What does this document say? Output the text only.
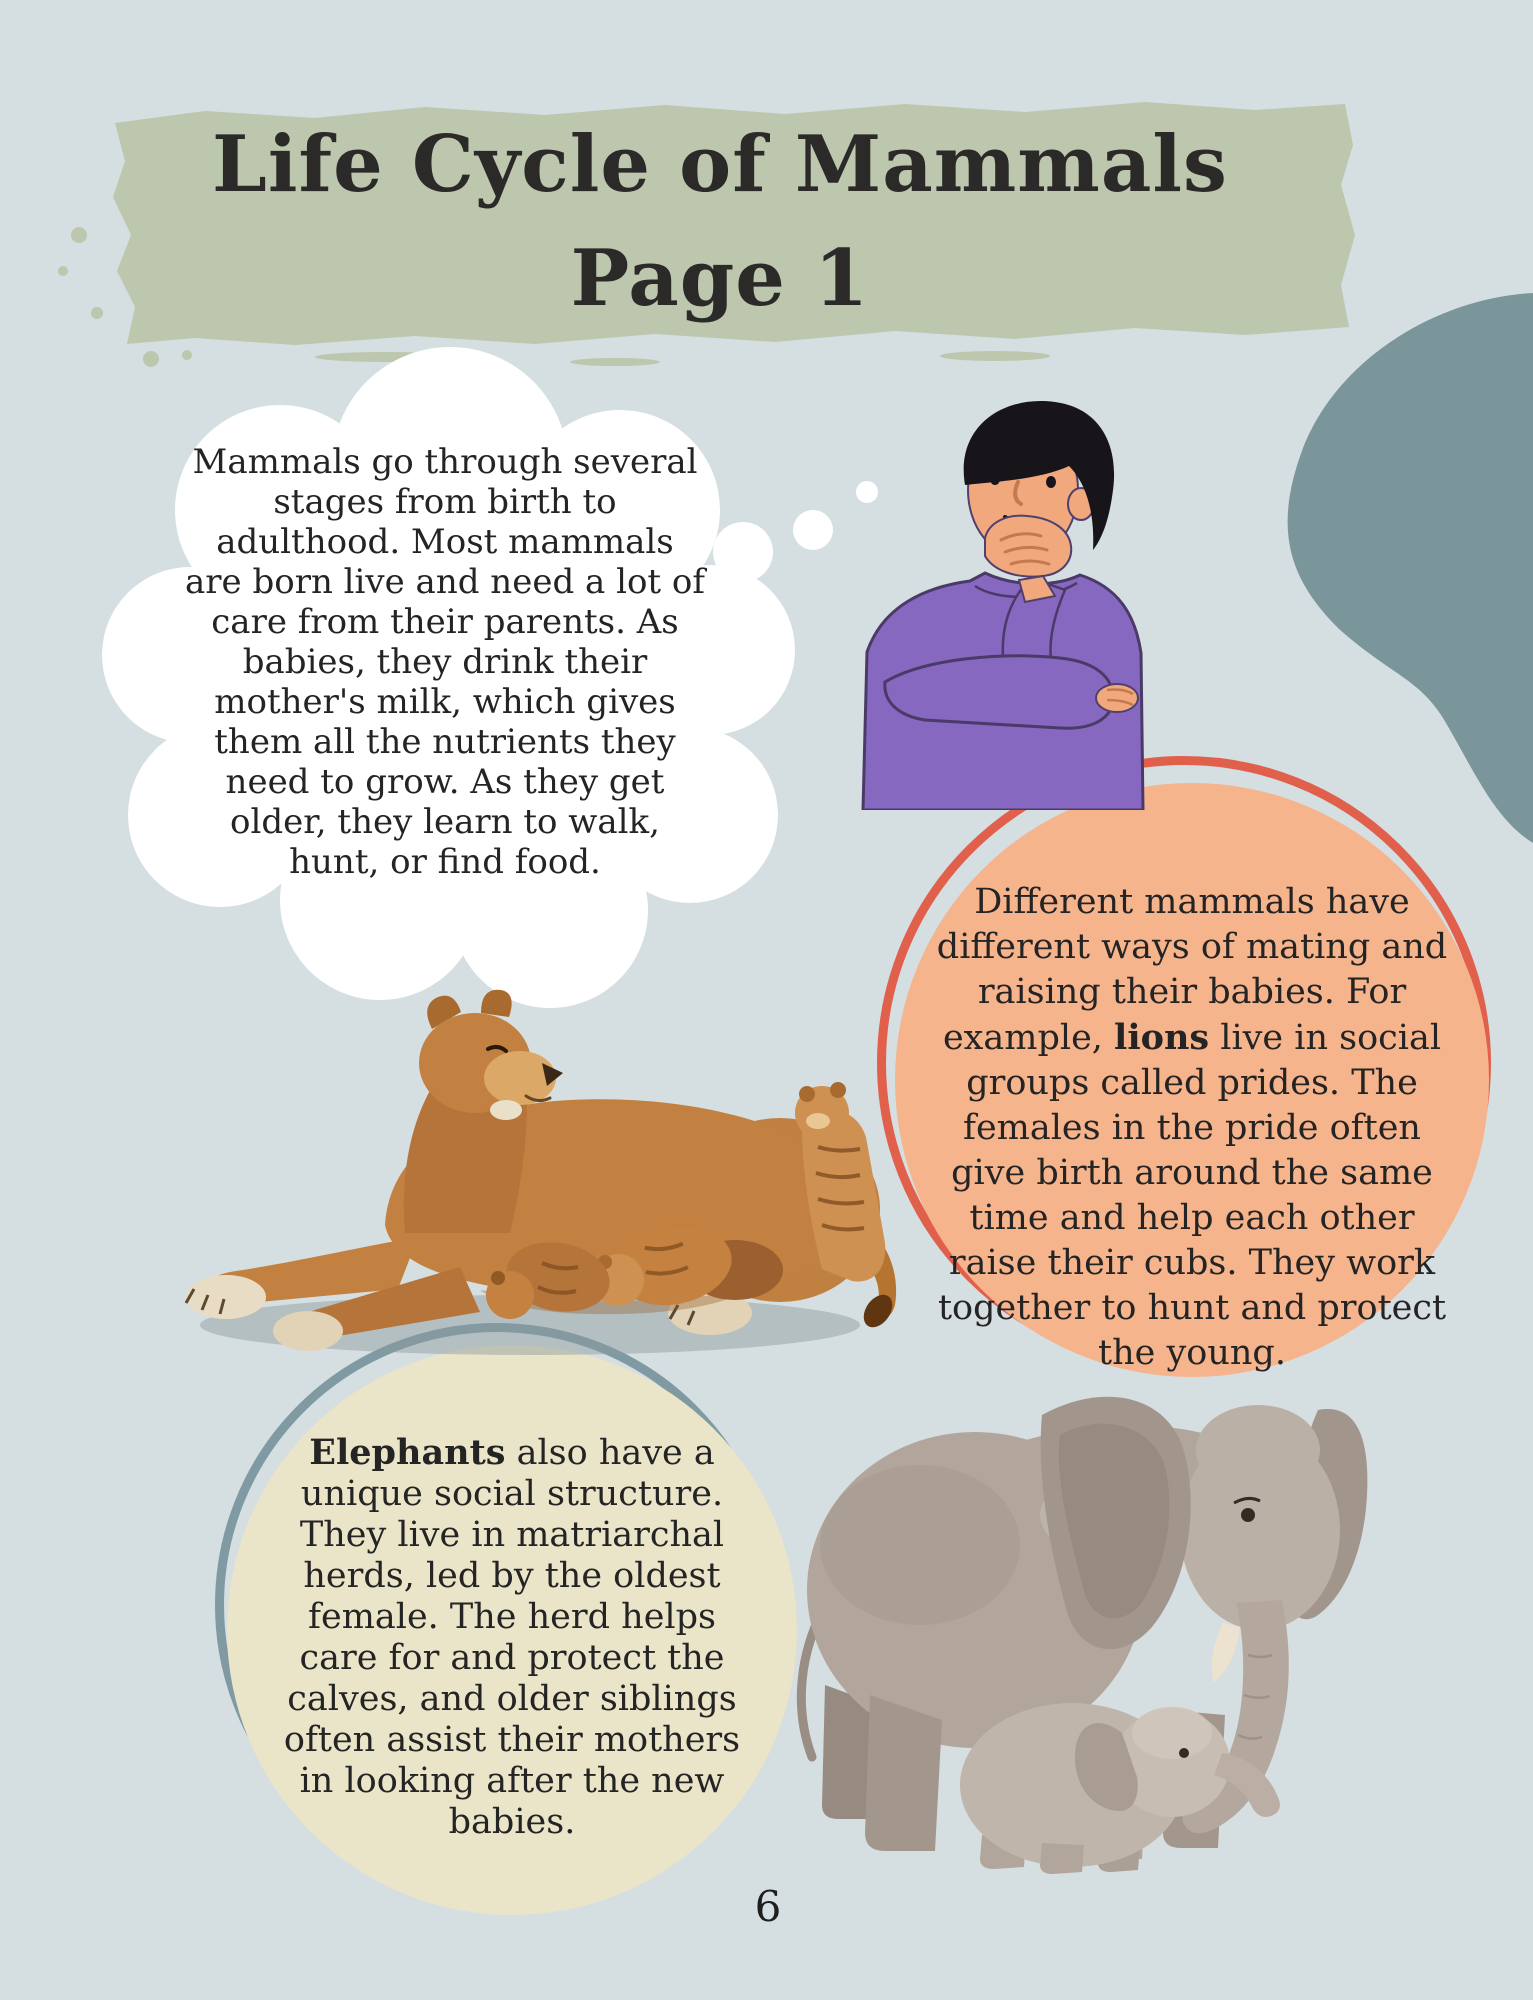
Life Cycle of Mammals
Page 1
Mammals go through several stages from birth to adulthood. Most mammals are born live and need a lot of care from their parents. As babies, they drink their mother's milk, which gives them all the nutrients they need to grow. As they get older, they learn to walk, hunt, or find food.
Different mammals have different ways of mating and raising their babies. For example, lions live in social groups called prides. The females in the pride often give birth around the same time and help each other raise their cubs. They work together to hunt and protect the young.
Elephants also have a unique social structure. They live in matriarchal herds, led by the oldest female. The herd helps care for and protect the calves, and older siblings often assist their mothers in looking after the new babies.
6
